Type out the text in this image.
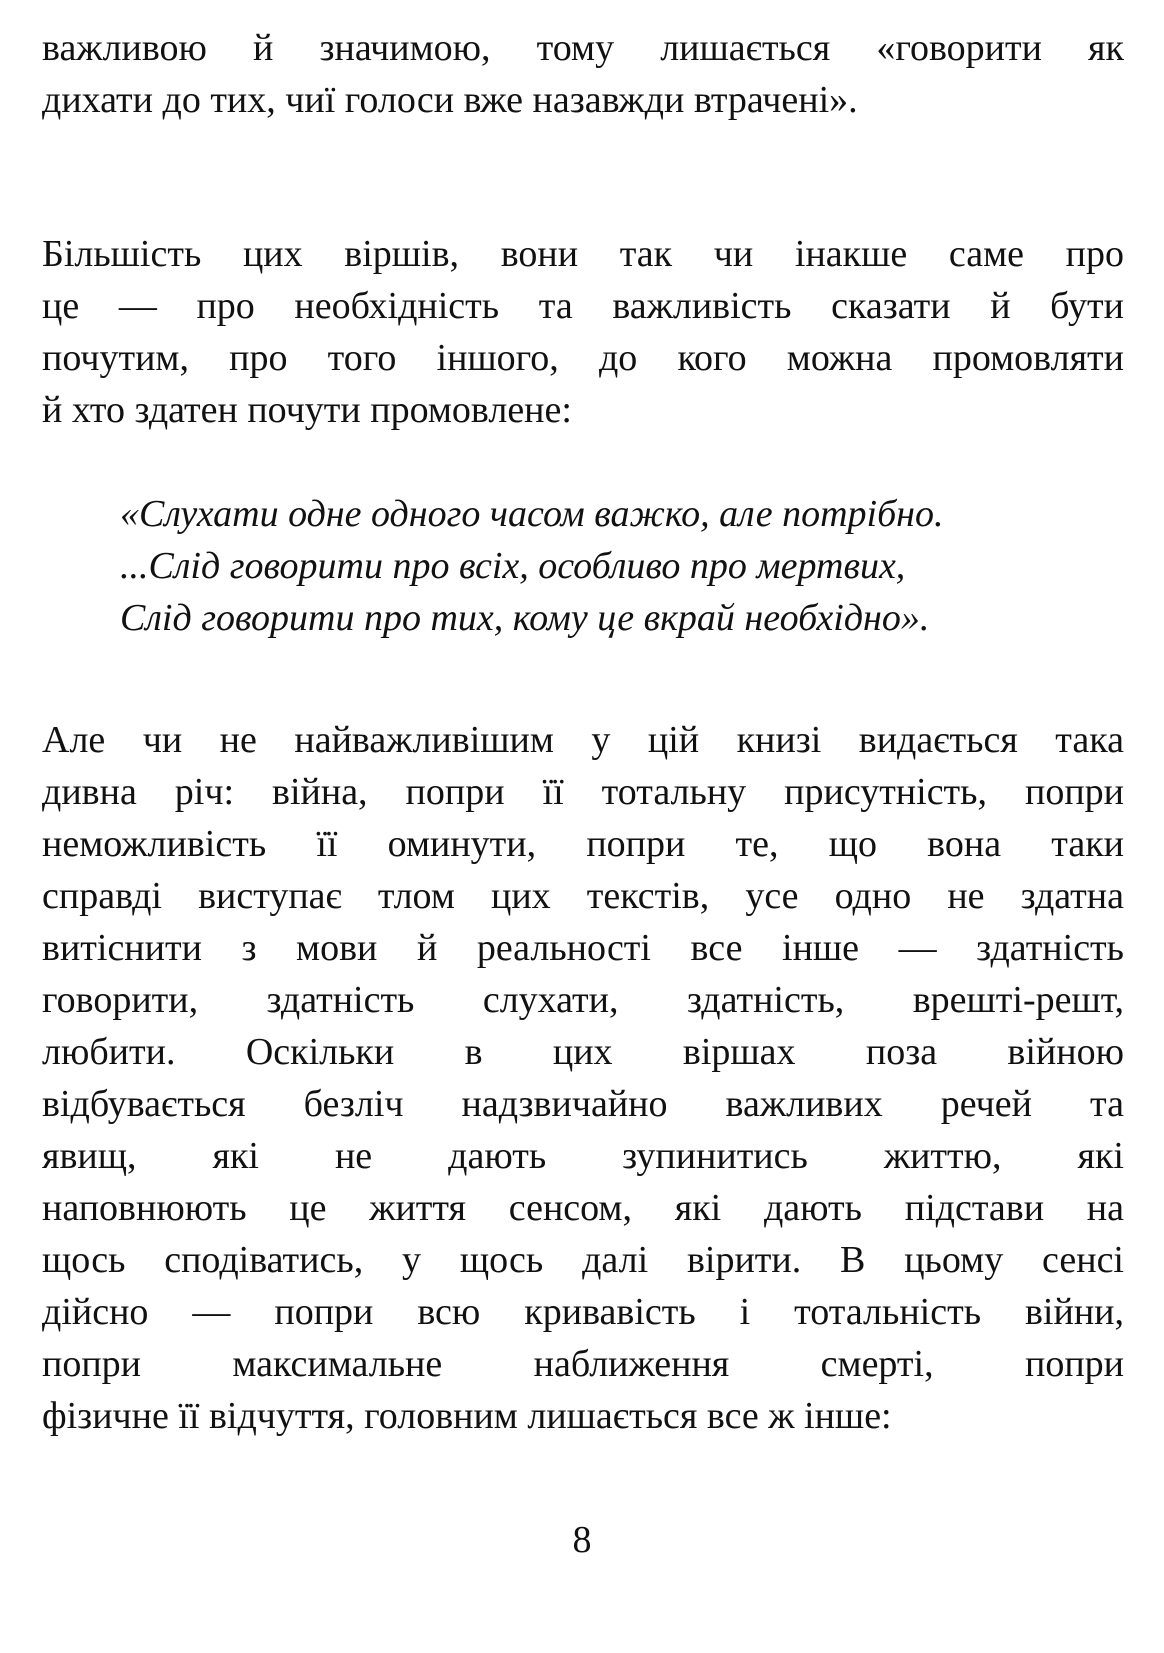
важливою й значимою, тому лишається «говорити як
дихати до тих, чиї голоси вже назавжди втрачені».

Більшість цих віршів, вони так чи інакше саме про
це — про необхідність та важливість сказати й бути
почутим, про того іншого, до кого можна промовляти
й хто здатен почути промовлене:

«Слухати одне одного часом важко, але потрібно.
...Слід говорити про всіх, особливо про мертвих,
Слід говорити про тих, кому це вкрай необхідно».

Але чи не найважливішим у цій книзі видається така
дивна річ: війна, попри її тотальну присутність, попри
неможливість її оминути, попри те, що вона таки
справді виступає тлом цих текстів, усе одно не здатна
витіснити з мови й реальності все інше — здатність
говорити, здатність слухати, здатність, врешті-решт,
любити. Оскільки в цих віршах поза війною
відбувається безліч надзвичайно важливих речей та
явищ, які не дають зупинитись життю, які
наповнюють це життя сенсом, які дають підстави на
щось сподіватись, у щось далі вірити. В цьому сенсі
дійсно — попри всю кривавість і тотальність війни,
попри максимальне наближення смерті, попри
фізичне її відчуття, головним лишається все ж інше:

8
